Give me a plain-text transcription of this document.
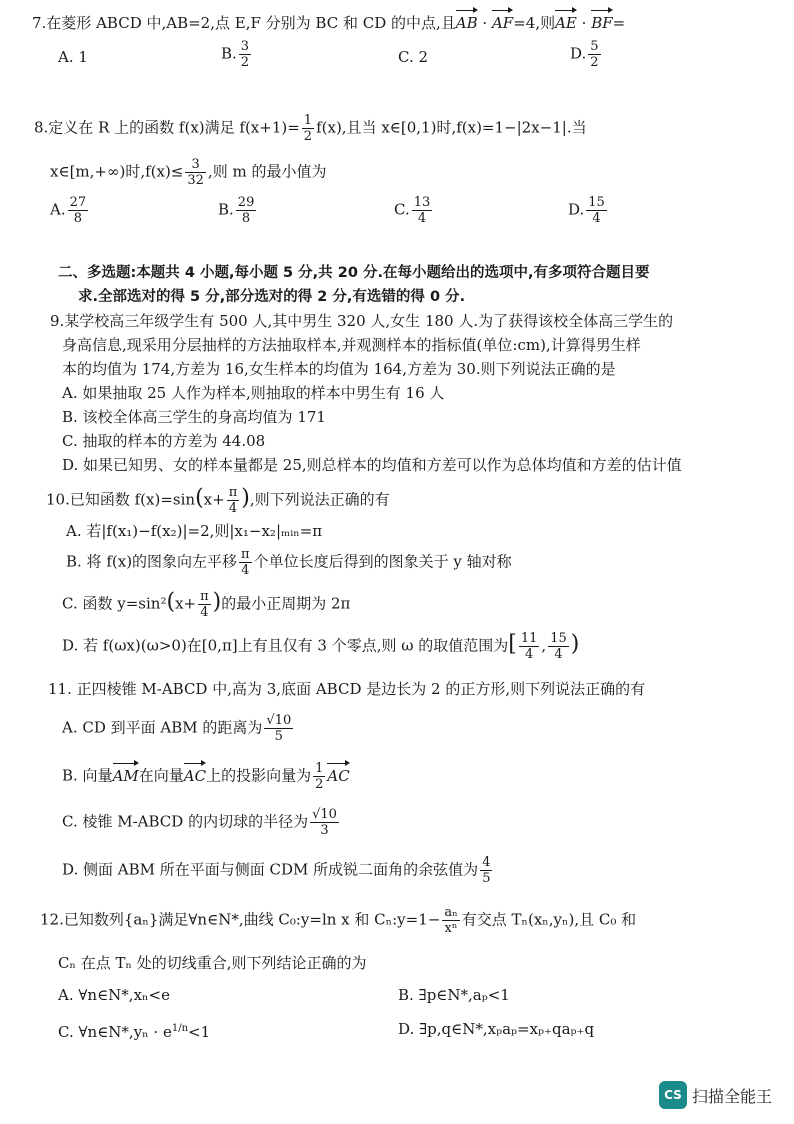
7.在菱形 ABCD 中,AB=2,点 E,F 分别为 BC 和 CD 的中点,且AB · AF=4,则AE · BF=
A. 1	B. $\frac{3}{2}$	C. 2	D. $\frac{5}{2}$
8.定义在 R 上的函数 f(x)满足 $f(x+1)= \frac{1}{2} f(x)$,且当 x∈[0,1)时,f(x)=1−|2x−1|.当
x∈[m,+∞)时$,f(x)\le \frac{3}{32}$ ,则 m 的最小值为
A. $\frac{27}{8}$	B. $\frac{29}{8}$	C. $\frac{13}{4}$	D. $\frac{15}{4}$
二、多选题:本题共 4 小题,每小题 5 分,共 20 分.在每小题给出的选项中,有多项符合题目要
求.全部选对的得 5 分,部分选对的得 2 分,有选错的得 0 分.
9.某学校高三年级学生有 500 人,其中男生 320 人,女生 180 人.为了获得该校全体高三学生的
身高信息,现采用分层抽样的方法抽取样本,并观测样本的指标值(单位:cm),计算得男生样
本的均值为 174,方差为 16,女生样本的均值为 164,方差为 30.则下列说法正确的是
A. 如果抽取 25 人作为样本,则抽取的样本中男生有 16 人
B. 该校全体高三学生的身高均值为 171
C. 抽取的样本的方差为 44.08
D. 如果已知男、女的样本量都是 25,则总样本的均值和方差可以作为总体均值和方差的估计值
10.已知函数 $f(x)=\sin(x+ \frac{\pi}{4}$ ),则下列说法正确的有
A. 若|f(x₁)−f(x₂)|=2,则|x₁−x₂|ₘᵢₙ=π
B. 将 f(x)的图象向左平移 $\frac{\pi}{4}$ 个单位长度后得到的图象关于 y 轴对称
C. 函数 $y=\sin^2(x+ \frac{\pi}{4}$ )的最小正周期为 2π
D. 若 f(ωx)(ω>0)在[0,π]上有且仅有 3 个零点,则 ω 的取值范围为[ $\frac{11}{4}$ , $\frac{15}{4}$ )
11. 正四棱锥 M-ABCD 中,高为 3,底面 ABCD 是边长为 2 的正方形,则下列说法正确的有
A. CD 到平面 ABM 的距离为 $\frac{√10}{5}$
B. 向量AM在向量AC上的投影向量为 $\frac{1}{2}$ AC
C. 棱锥 M-ABCD 的内切球的半径为 $\frac{√10}{3}$
D. 侧面 ABM 所在平面与侧面 CDM 所成锐二面角的余弦值为 $\frac{4}{5}$
12.已知数列{aₙ}满足∀n∈N*,曲线 C₀:y=ln x 和 Cₙ:y=1− $\frac{\text{aₙ}}{\text{xⁿ}}$ 有交点 Tₙ(xₙ,yₙ),且 C₀ 和
Cₙ 在点 Tₙ 处的切线重合,则下列结论正确的为
A. ∀n∈N*,xₙ<e	B. ∃p∈N*,aₚ<1
C. ∀n∈N*,yₙ · $e^{1/n}<1$	D. ∃p,q∈N*,xₚaₚ=xₚ₊qaₚ₊q
CS 扫描全能王
